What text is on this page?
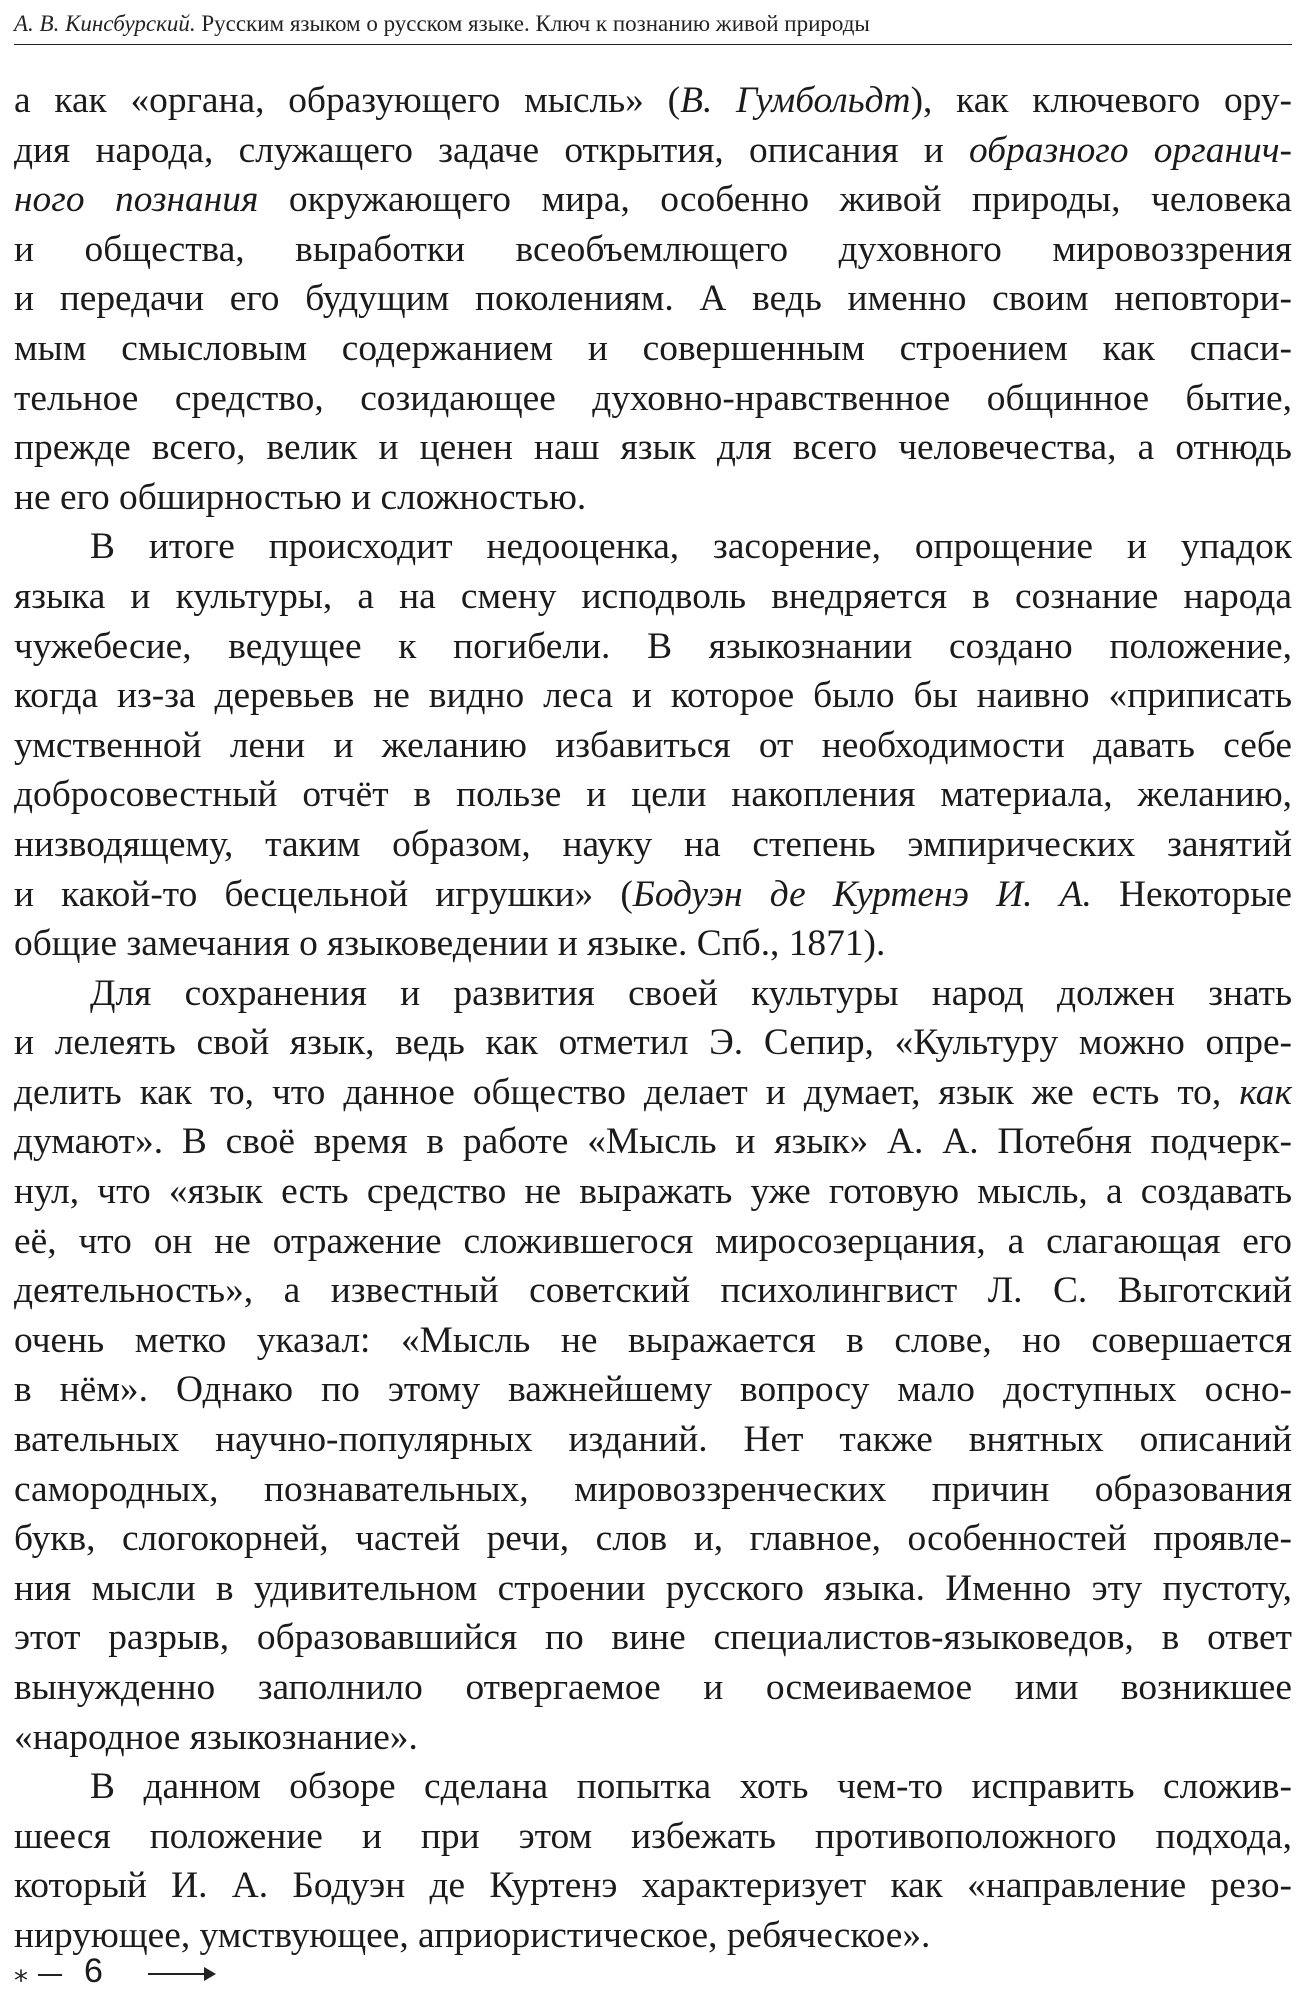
А. В. Кинсбурский. Русским языком о русском языке. Ключ к познанию живой природы
а как «органа, образующего мысль» (В. Гумбольдт), как ключевого ору-
дия народа, служащего задаче открытия, описания и образного органич-
ного познания окружающего мира, особенно живой природы, человека
и общества, выработки всеобъемлющего духовного мировоззрения
и передачи его будущим поколениям. А ведь именно своим неповтори-
мым смысловым содержанием и совершенным строением как спаси-
тельное средство, созидающее духовно-нравственное общинное бытие,
прежде всего, велик и ценен наш язык для всего человечества, а отнюдь
не его обширностью и сложностью.
В итоге происходит недооценка, засорение, опрощение и упадок
языка и культуры, а на смену исподволь внедряется в сознание народа
чужебесие, ведущее к погибели. В языкознании создано положение,
когда из-за деревьев не видно леса и которое было бы наивно «приписать
умственной лени и желанию избавиться от необходимости давать себе
добросовестный отчёт в пользе и цели накопления материала, желанию,
низводящему, таким образом, науку на степень эмпирических занятий
и какой-то бесцельной игрушки» (Бодуэн де Куртенэ И. А. Некоторые
общие замечания о языковедении и языке. Спб., 1871).
Для сохранения и развития своей культуры народ должен знать
и лелеять свой язык, ведь как отметил Э. Сепир, «Культуру можно опре-
делить как то, что данное общество делает и думает, язык же есть то, как
думают». В своё время в работе «Мысль и язык» А. А. Потебня подчерк-
нул, что «язык есть средство не выражать уже готовую мысль, а создавать
её, что он не отражение сложившегося миросозерцания, а слагающая его
деятельность», а известный советский психолингвист Л. С. Выготский
очень метко указал: «Мысль не выражается в слове, но совершается
в нём». Однако по этому важнейшему вопросу мало доступных осно-
вательных научно-популярных изданий. Нет также внятных описаний
самородных, познавательных, мировоззренческих причин образования
букв, слогокорней, частей речи, слов и, главное, особенностей проявле-
ния мысли в удивительном строении русского языка. Именно эту пустоту,
этот разрыв, образовавшийся по вине специалистов-языковедов, в ответ
вынужденно заполнило отвергаемое и осмеиваемое ими возникшее
«народное языкознание».
В данном обзоре сделана попытка хоть чем-то исправить сложив-
шееся положение и при этом избежать противоположного подхода,
который И. А. Бодуэн де Куртенэ характеризует как «направление резо-
нирующее, умствующее, априористическое, ребяческое».
⁎ 6
